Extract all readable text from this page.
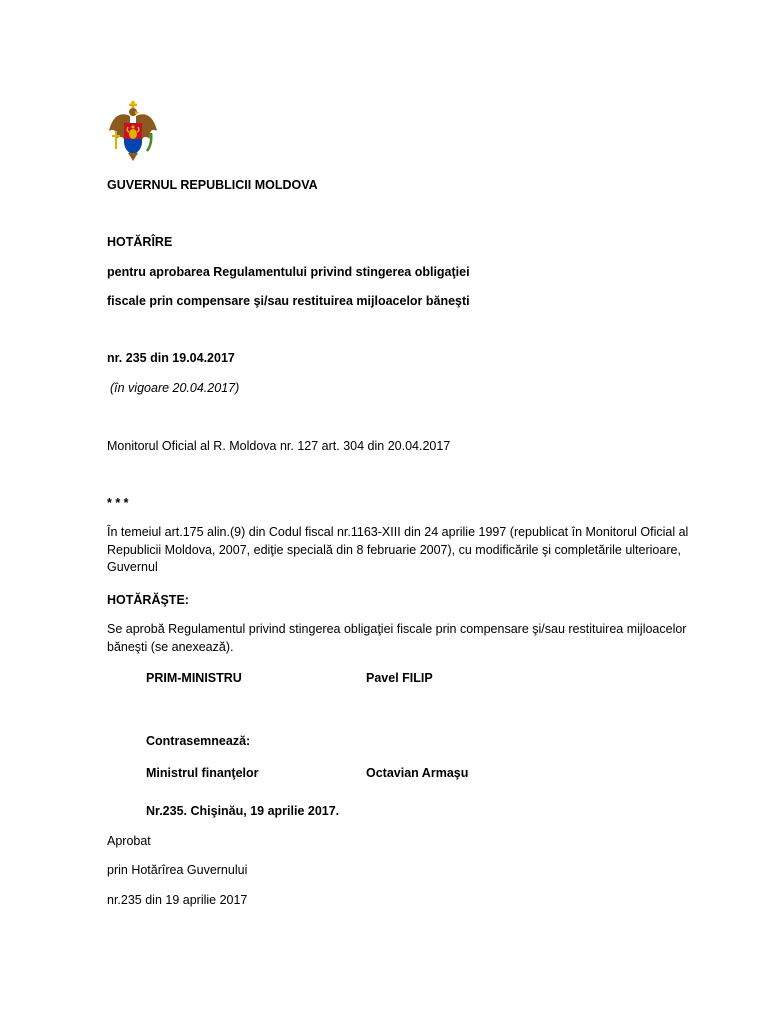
GUVERNUL REPUBLICII MOLDOVA
HOTĂRÎRE
pentru aprobarea Regulamentului privind stingerea obligaţiei
fiscale prin compensare şi/sau restituirea mijloacelor băneşti
nr. 235 din 19.04.2017
(în vigoare 20.04.2017)
Monitorul Oficial al R. Moldova nr. 127 art. 304 din 20.04.2017
* * *
În temeiul art.175 alin.(9) din Codul fiscal nr.1163-XIII din 24 aprilie 1997 (republicat în Monitorul Oficial al Republicii Moldova, 2007, ediţie specială din 8 februarie 2007), cu modificările şi completările ulterioare, Guvernul
HOTĂRĂŞTE:
Se aprobă Regulamentul privind stingerea obligaţiei fiscale prin compensare şi/sau restituirea mijloacelor băneşti (se anexează).
PRIM-MINISTRU	Pavel FILIP
Contrasemnează:
Ministrul finanţelor	Octavian Armaşu
Nr.235. Chişinău, 19 aprilie 2017.
Aprobat
prin Hotărîrea Guvernului
nr.235 din 19 aprilie 2017
